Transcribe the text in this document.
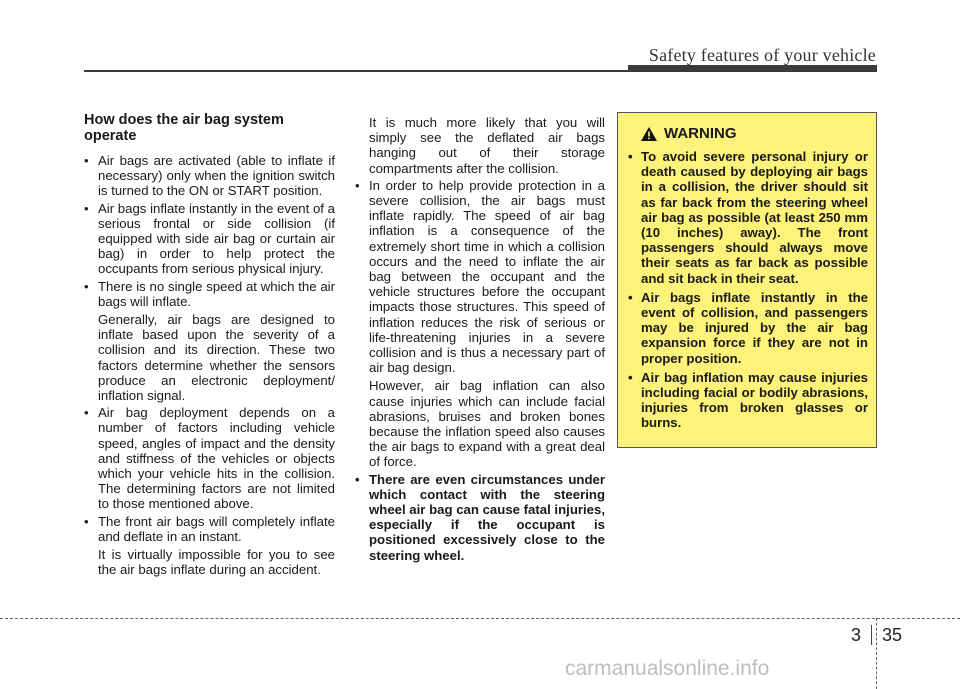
Safety features of your vehicle
How does the air bag system operate
• Air bags are activated (able to inflate if necessary) only when the ignition switch is turned to the ON or START position.
• Air bags inflate instantly in the event of a serious frontal or side collision (if equipped with side air bag or curtain air bag) in order to help protect the occupants from serious physical injury.
• There is no single speed at which the air bags will inflate.
Generally, air bags are designed to inflate based upon the severity of a collision and its direction. These two factors determine whether the sensors produce an electronic deployment/ inflation signal.
• Air bag deployment depends on a number of factors including vehicle speed, angles of impact and the density and stiffness of the vehicles or objects which your vehicle hits in the collision. The determining factors are not limited to those mentioned above.
• The front air bags will completely inflate and deflate in an instant.
It is virtually impossible for you to see the air bags inflate during an accident.
It is much more likely that you will simply see the deflated air bags hanging out of their storage compartments after the collision.
• In order to help provide protection in a severe collision, the air bags must inflate rapidly. The speed of air bag inflation is a consequence of the extremely short time in which a collision occurs and the need to inflate the air bag between the occupant and the vehicle structures before the occupant impacts those structures. This speed of inflation reduces the risk of serious or life-threatening injuries in a severe collision and is thus a necessary part of air bag design.
However, air bag inflation can also cause injuries which can include facial abrasions, bruises and broken bones because the inflation speed also causes the air bags to expand with a great deal of force.
• There are even circumstances under which contact with the steering wheel air bag can cause fatal injuries, especially if the occupant is positioned excessively close to the steering wheel.
WARNING
• To avoid severe personal injury or death caused by deploying air bags in a collision, the driver should sit as far back from the steering wheel air bag as possible (at least 250 mm (10 inches) away). The front passengers should always move their seats as far back as possible and sit back in their seat.
• Air bags inflate instantly in the event of collision, and passengers may be injured by the air bag expansion force if they are not in proper position.
• Air bag inflation may cause injuries including facial or bodily abrasions, injuries from broken glasses or burns.
3 35
carmanualsonline.info
